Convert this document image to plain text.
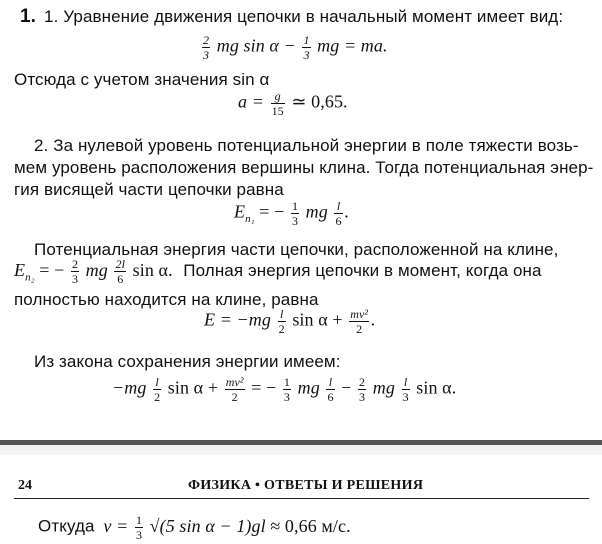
1. 1. Уравнение движения цепочки в начальный момент имеет вид:
$\frac{2}{3}$ mg $\sin \alpha - \frac{1}{3}$ mg = ma.
Отсюда с учетом значения sin α
$a = \frac{g}{15}$ ≃ 0,65.
2. За нулевой уровень потенциальной энергии в поле тяжести возь-
мем уровень расположения вершины клина. Тогда потенциальная энер-
гия висящей части цепочки равна
$E_{n_1}$ = − $\frac{1}{3}$ mg $\frac{l}{6}$ .
Потенциальная энергия части цепочки, расположенной на клине,
$E_{n_2}$ = − $\frac{2}{3}$ mg $\frac{2l}{6}$ sin α. Полная энергия цепочки в момент, когда она
полностью находится на клине, равна
$E = -mg \frac{l}{2}$ $\sin \alpha + \frac{\text{mv²}}{2}$ .
Из закона сохранения энергии имеем:
$-mg \frac{l}{2}$ $\sin \alpha + \frac{\text{mv²}}{2}$ = − $\frac{1}{3}$ mg $\frac{l}{6} - \frac{2}{3}$ mg $\frac{l}{3}$ sin α.
24	ФИЗИКА • ОТВЕТЫ И РЕШЕНИЯ
Откуда $v = \frac{1}{3} √(5$ sin α − 1)gl ≈ 0,66 м/с.
